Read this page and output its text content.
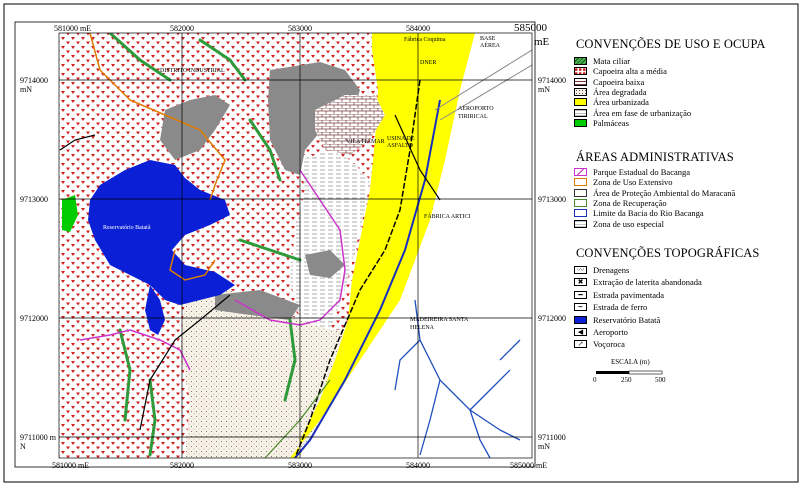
581000 mE	582000	583000	584000	585000
mE
581000 mE	582000	583000	584000	585000 mE
9714000 mN
9713000
9712000
9711000 m N
9714000 mN
9713000
9712000
9711000 mN
Fábrica Coquima	BASE AÉREA
DNER
AEROPORTO TIRIRICAL
VILA ITAMAR USINA DE ASFALTO
FÁBRICA ARTICI
MADEIREIRA SANTA HELENA
Reservatório Batatã
DISTRITO INDUSTRIAL
CONVENÇÕES DE USO E OCUPA
Mata ciliar
Capoeira alta a média
Capoeira baixa
Área degradada
Área urbanizada
Área em fase de urbanização
Palmáceas
ÁREAS ADMINISTRATIVAS
Parque Estadual do Bacanga
Zona de Uso Extensivo
Área de Proteção Ambiental do Maracanã
Zona de Recuperação
Limite da Bacia do Rio Bacanga
Zona de uso especial
CONVENÇÕES TOPOGRÁFICAS
〰	Drenagens
✖	Extração de laterita abandonada
━	Estrada pavimentada
┅	Estrada de ferro
Reservatório Batatã
◀	Aeroporto
↗	Voçoroca
ESCALA (m)
0	250	500
